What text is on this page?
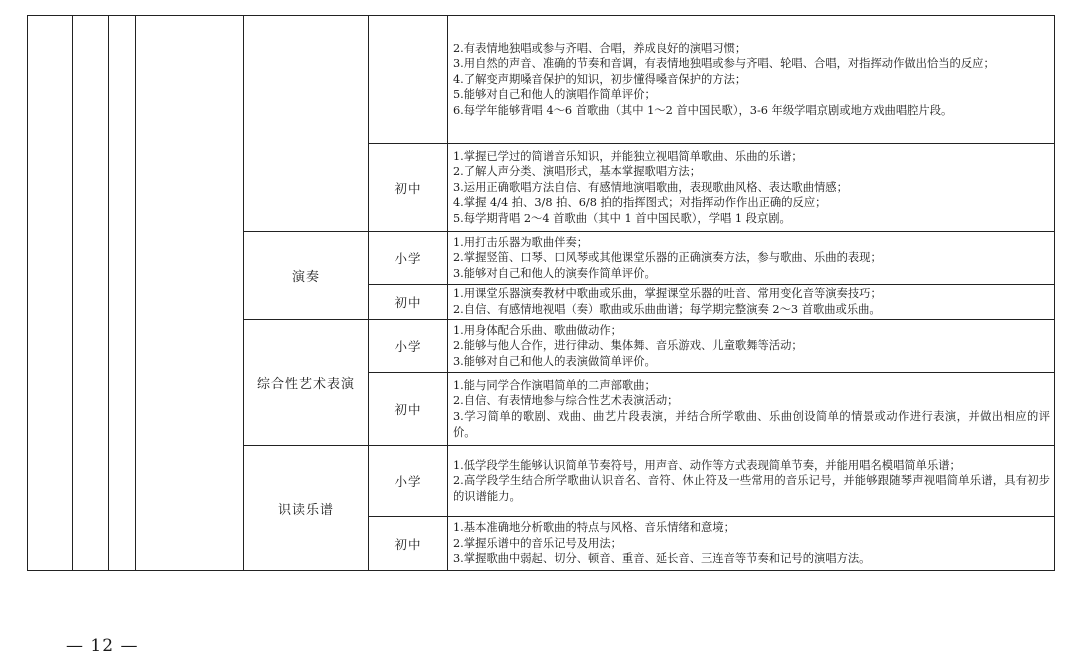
						2.有表情地独唱或参与齐唱、合唱，养成良好的演唱习惯；
3.用自然的声音、准确的节奏和音调，有表情地独唱或参与齐唱、轮唱、合唱，对指挥动作做出恰当的反应；
4.了解变声期嗓音保护的知识，初步懂得嗓音保护的方法；
5.能够对自己和他人的演唱作简单评价；
6.每学年能够背唱 4～6 首歌曲（其中 1～2 首中国民歌），3-6 年级学唱京剧或地方戏曲唱腔片段。

					初中	1.掌握已学过的简谱音乐知识，并能独立视唱简单歌曲、乐曲的乐谱；
2.了解人声分类、演唱形式，基本掌握歌唱方法；
3.运用正确歌唱方法自信、有感情地演唱歌曲，表现歌曲风格、表达歌曲情感；
4.掌握 4/4 拍、3/8 拍、6/8 拍的指挥图式；对指挥动作作出正确的反应；
5.每学期背唱 2～4 首歌曲（其中 1 首中国民歌），学唱 1 段京剧。

				演奏	小学	1.用打击乐器为歌曲伴奏；
2.掌握竖笛、口琴、口风琴或其他课堂乐器的正确演奏方法，参与歌曲、乐曲的表现；
3.能够对自己和他人的演奏作简单评价。

					初中	1.用课堂乐器演奏教材中歌曲或乐曲，掌握课堂乐器的吐音、常用变化音等演奏技巧；
2.自信、有感情地视唱（奏）歌曲或乐曲曲谱；每学期完整演奏 2～3 首歌曲或乐曲。

				综合性艺术表演	小学	1.用身体配合乐曲、歌曲做动作；
2.能够与他人合作，进行律动、集体舞、音乐游戏、儿童歌舞等活动；
3.能够对自己和他人的表演做简单评价。

					初中	1.能与同学合作演唱简单的二声部歌曲；
2.自信、有表情地参与综合性艺术表演活动；
3.学习简单的歌剧、戏曲、曲艺片段表演，并结合所学歌曲、乐曲创设简单的情景或动作进行表演，并做出相应的评价。

				识读乐谱	小学	1.低学段学生能够认识简单节奏符号，用声音、动作等方式表现简单节奏，并能用唱名模唱简单乐谱；
2.高学段学生结合所学歌曲认识音名、音符、休止符及一些常用的音乐记号，并能够跟随琴声视唱简单乐谱，具有初步的识谱能力。

					初中	1.基本准确地分析歌曲的特点与风格、音乐情绪和意境；
2.掌握乐谱中的音乐记号及用法；
3.掌握歌曲中弱起、切分、顿音、重音、延长音、三连音等节奏和记号的演唱方法。
— 12 —
